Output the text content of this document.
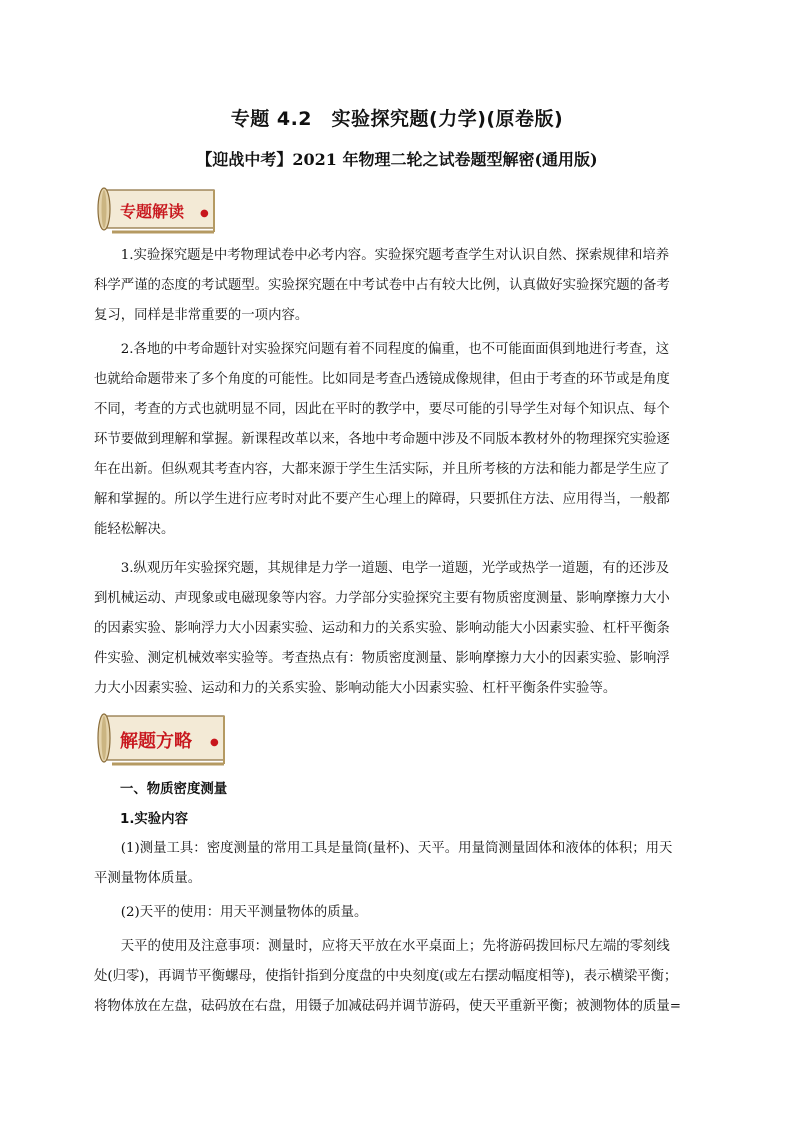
专题 4.2　实验探究题(力学)(原卷版)
【迎战中考】2021 年物理二轮之试卷题型解密(通用版)
专题解读 ●

　　1.实验探究题是中考物理试卷中必考内容。实验探究题考查学生对认识自然、探索规律和培养
科学严谨的态度的考试题型。实验探究题在中考试卷中占有较大比例，认真做好实验探究题的备考
复习，同样是非常重要的一项内容。

　　2.各地的中考命题针对实验探究问题有着不同程度的偏重，也不可能面面俱到地进行考查，这
也就给命题带来了多个角度的可能性。比如同是考查凸透镜成像规律，但由于考查的环节或是角度
不同，考查的方式也就明显不同，因此在平时的教学中，要尽可能的引导学生对每个知识点、每个
环节要做到理解和掌握。新课程改革以来，各地中考命题中涉及不同版本教材外的物理探究实验逐
年在出新。但纵观其考查内容，大都来源于学生生活实际，并且所考核的方法和能力都是学生应了
解和掌握的。所以学生进行应考时对此不要产生心理上的障碍，只要抓住方法、应用得当，一般都
能轻松解决。

　　3.纵观历年实验探究题，其规律是力学一道题、电学一道题，光学或热学一道题，有的还涉及
到机械运动、声现象或电磁现象等内容。力学部分实验探究主要有物质密度测量、影响摩擦力大小
的因素实验、影响浮力大小因素实验、运动和力的关系实验、影响动能大小因素实验、杠杆平衡条
件实验、测定机械效率实验等。考查热点有：物质密度测量、影响摩擦力大小的因素实验、影响浮
力大小因素实验、运动和力的关系实验、影响动能大小因素实验、杠杆平衡条件实验等。

解题方略 ●
一、物质密度测量
1.实验内容

　　(1)测量工具：密度测量的常用工具是量筒(量杯)、天平。用量筒测量固体和液体的体积；用天
平测量物体质量。

　　(2)天平的使用：用天平测量物体的质量。

　　天平的使用及注意事项：测量时，应将天平放在水平桌面上；先将游码拨回标尺左端的零刻线
处(归零)，再调节平衡螺母，使指针指到分度盘的中央刻度(或左右摆动幅度相等)，表示横梁平衡；
将物体放在左盘，砝码放在右盘，用镊子加减砝码并调节游码，使天平重新平衡；被测物体的质量=
